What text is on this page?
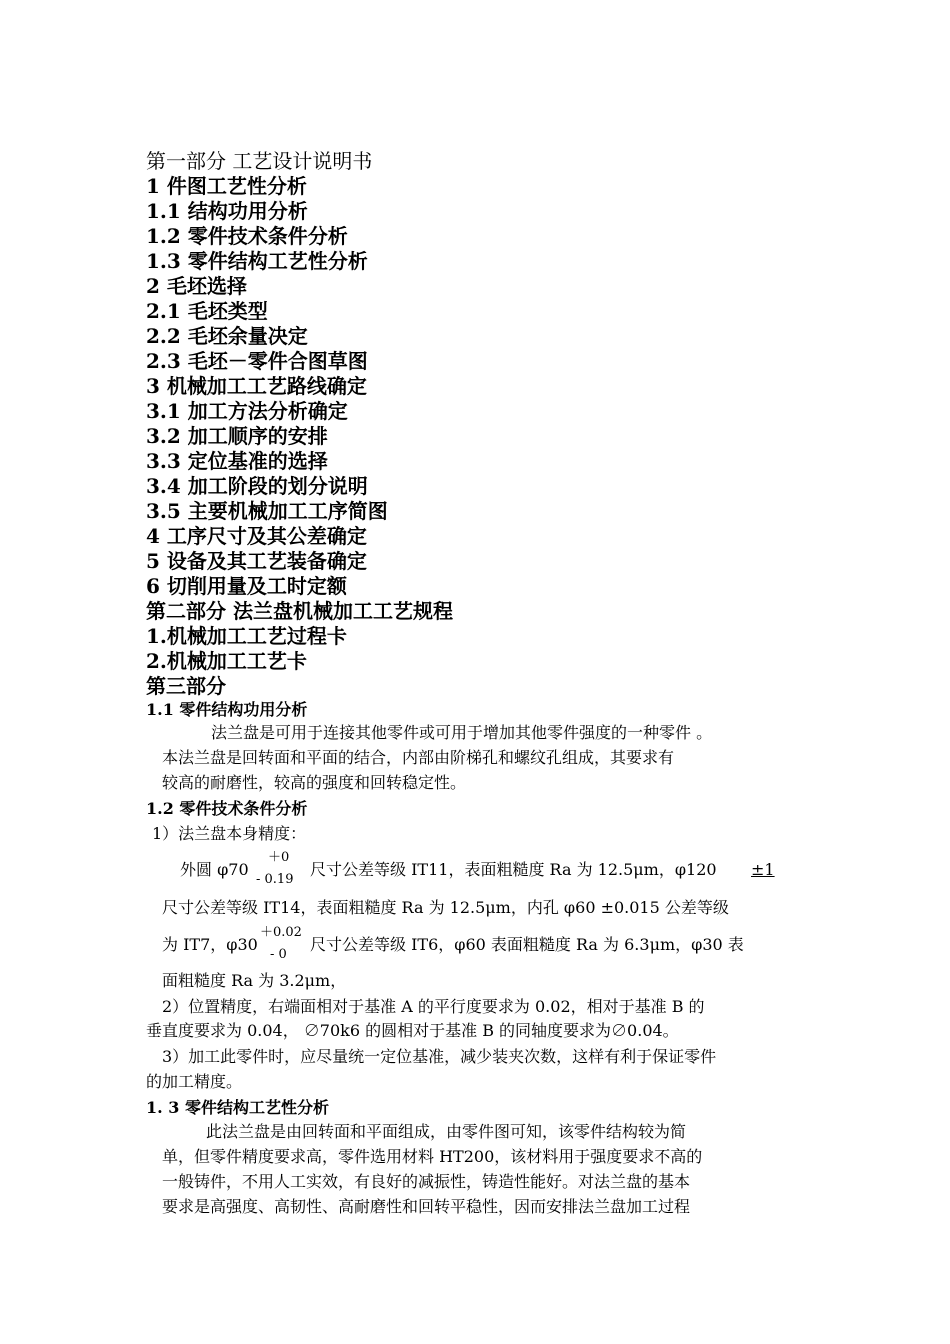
第一部分 工艺设计说明书
1 件图工艺性分析
1.1 结构功用分析
1.2 零件技术条件分析
1.3 零件结构工艺性分析
2 毛坯选择
2.1 毛坯类型
2.2 毛坯余量决定
2.3 毛坯－零件合图草图
3 机械加工工艺路线确定
3.1 加工方法分析确定
3.2 加工顺序的安排
3.3 定位基准的选择
3.4 加工阶段的划分说明
3.5 主要机械加工工序简图
4 工序尺寸及其公差确定
5 设备及其工艺装备确定
6 切削用量及工时定额
第二部分 法兰盘机械加工工艺规程
1.机械加工工艺过程卡
2.机械加工工艺卡
第三部分
1.1 零件结构功用分析
法兰盘是可用于连接其他零件或可用于增加其他零件强度的一种零件 。
本法兰盘是回转面和平面的结合，内部由阶梯孔和螺纹孔组成，其要求有
较高的耐磨性，较高的强度和回转稳定性。
1.2 零件技术条件分析
1）法兰盘本身精度：
外圆 φ70
＋0
- 0.19
尺寸公差等级 IT11，表面粗糙度 Ra 为 12.5μm，φ120 ±1
尺寸公差等级 IT14，表面粗糙度 Ra 为 12.5μm，内孔 φ60 ±0.015 公差等级
为 IT7，φ30
＋0.02
- 0
尺寸公差等级 IT6，φ60 表面粗糙度 Ra 为 6.3μm，φ30 表
面粗糙度 Ra 为 3.2μm，
2）位置精度，右端面相对于基准 A 的平行度要求为 0.02，相对于基准 B 的
垂直度要求为 0.04， ∅70k6 的圆相对于基准 B 的同轴度要求为∅0.04。
3）加工此零件时，应尽量统一定位基准，减少装夹次数，这样有利于保证零件
的加工精度。
1. 3 零件结构工艺性分析
此法兰盘是由回转面和平面组成，由零件图可知，该零件结构较为简
单，但零件精度要求高，零件选用材料 HT200，该材料用于强度要求不高的
一般铸件，不用人工实效，有良好的减振性，铸造性能好。对法兰盘的基本
要求是高强度、高韧性、高耐磨性和回转平稳性，因而安排法兰盘加工过程
